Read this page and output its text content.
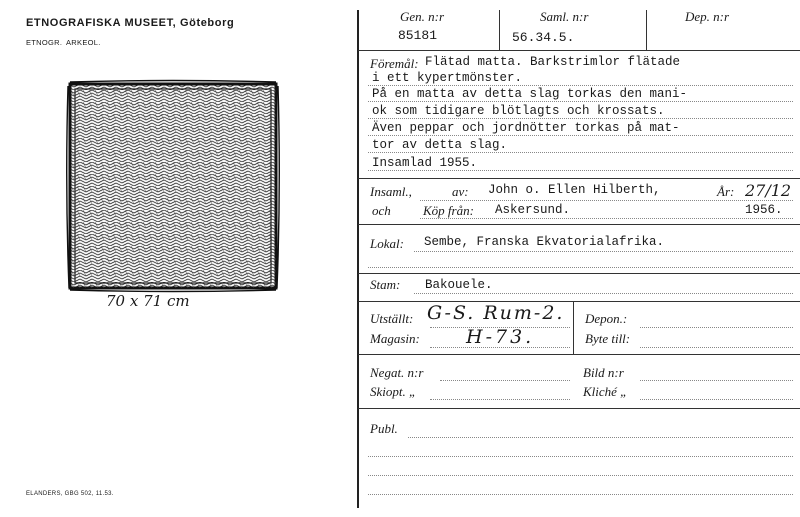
ETNOGRAFISKA MUSEET, Göteborg
ETNOGR. ARKEOL.
70 x 71 cm
ELANDERS, GBG 502, 11.53.
Gen. n:r	Saml. n:r	Dep. n:r
85181	56.34.5.
Föremål: Flätad matta. Barkstrimlor flätade
i ett kypertmönster.
På en matta av detta slag torkas den mani-
ok som tidigare blötlagts och krossats.
Även peppar och jordnötter torkas på mat-
tor av detta slag.
Insamlad 1955.
Insaml.,	av: John o. Ellen Hilberth,	År: 27/12
och Köp från: Askersund.	1956.
Lokal: Sembe, Franska Ekvatorialafrika.
Stam: Bakouele.
Utställt: G-S. Rum-2.
Magasin: H-73.
Depon.:
Byte till:
Negat. n:r
Skiopt. „
Bild n:r
Kliché „
Publ.
